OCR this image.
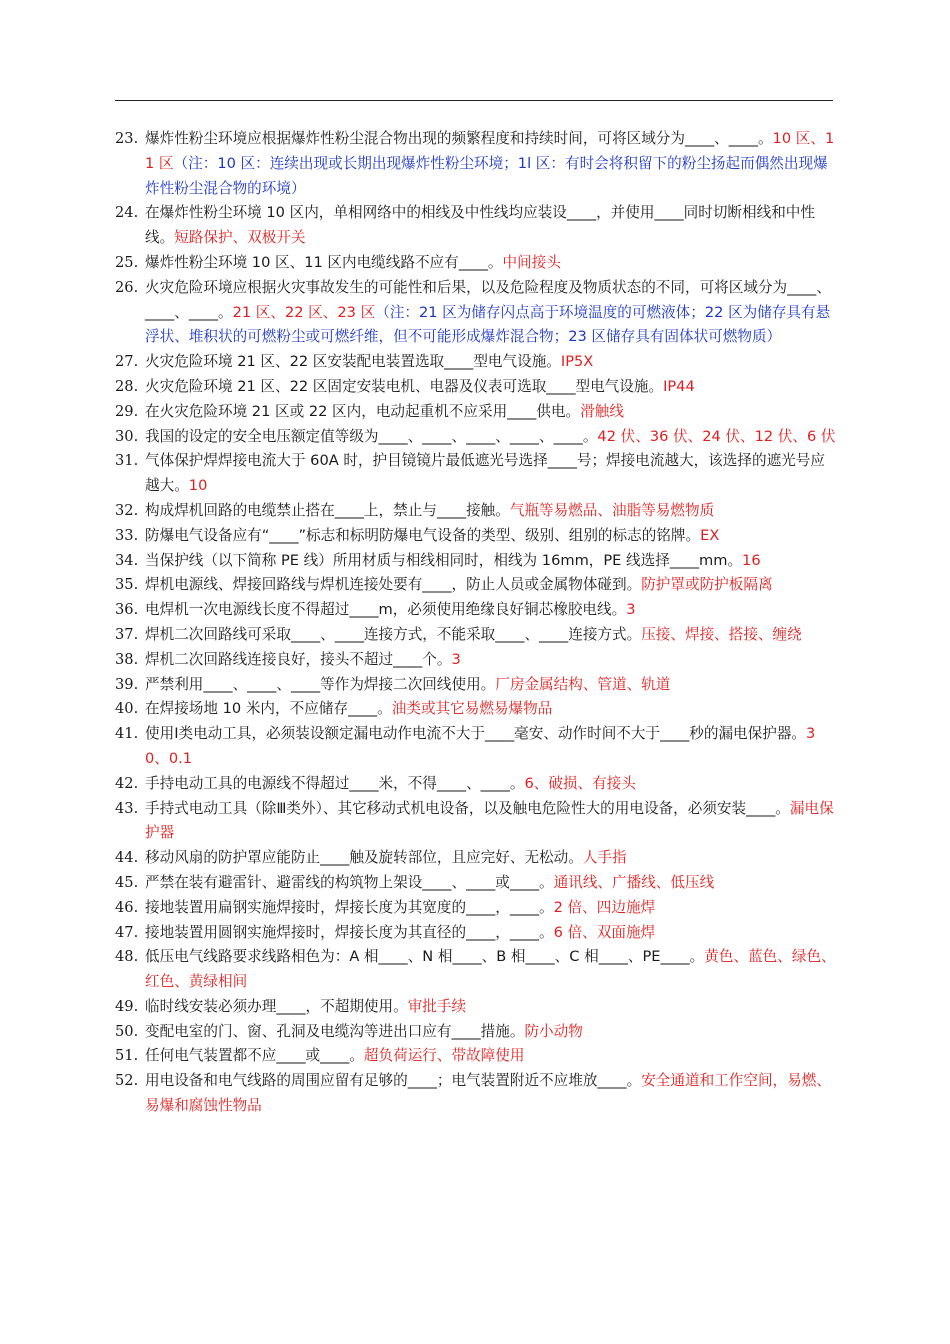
23. 爆炸性粉尘环境应根据爆炸性粉尘混合物出现的频繁程度和持续时间，可将区域分为____、____。10 区、11 区（注：10 区：连续出现或长期出现爆炸性粉尘环境；1l 区：有时会将积留下的粉尘扬起而偶然出现爆炸性粉尘混合物的环境）
24. 在爆炸性粉尘环境 10 区内，单相网络中的相线及中性线均应装设____，并使用____同时切断相线和中性线。短路保护、双极开关
25. 爆炸性粉尘环境 10 区、11 区内电缆线路不应有____。中间接头
26. 火灾危险环境应根据火灾事故发生的可能性和后果，以及危险程度及物质状态的不同，可将区域分为____、____、____。21 区、22 区、23 区（注：21 区为储存闪点高于环境温度的可燃液体；22 区为储存具有悬浮状、堆积状的可燃粉尘或可燃纤维，但不可能形成爆炸混合物；23 区储存具有固体状可燃物质）
27. 火灾危险环境 21 区、22 区安装配电装置选取____型电气设施。IP5X
28. 火灾危险环境 21 区、22 区固定安装电机、电器及仪表可选取____型电气设施。IP44
29. 在火灾危险环境 21 区或 22 区内，电动起重机不应采用____供电。滑触线
30. 我国的设定的安全电压额定值等级为____、____、____、____、____。42 伏、36 伏、24 伏、12 伏、6 伏
31. 气体保护焊焊接电流大于 60A 时，护目镜镜片最低遮光号选择____号；焊接电流越大，该选择的遮光号应越大。10
32. 构成焊机回路的电缆禁止搭在____上，禁止与____接触。气瓶等易燃品、油脂等易燃物质
33. 防爆电气设备应有“____”标志和标明防爆电气设备的类型、级别、组别的标志的铭牌。EX
34. 当保护线（以下简称 PE 线）所用材质与相线相同时，相线为 16mm，PE 线选择____mm。16
35. 焊机电源线、焊接回路线与焊机连接处要有____，防止人员或金属物体碰到。防护罩或防护板隔离
36. 电焊机一次电源线长度不得超过____m，必须使用绝缘良好铜芯橡胶电线。3
37. 焊机二次回路线可采取____、____连接方式，不能采取____、____连接方式。压接、焊接、搭接、缠绕
38. 焊机二次回路线连接良好，接头不超过____个。3
39. 严禁利用____、____、____等作为焊接二次回线使用。厂房金属结构、管道、轨道
40. 在焊接场地 10 米内，不应储存____。油类或其它易燃易爆物品
41. 使用Ⅰ类电动工具，必须装设额定漏电动作电流不大于____毫安、动作时间不大于____秒的漏电保护器。30、0.1
42. 手持电动工具的电源线不得超过____米，不得____、____。6、破损、有接头
43. 手持式电动工具（除Ⅲ类外）、其它移动式机电设备，以及触电危险性大的用电设备，必须安装____。漏电保护器
44. 移动风扇的防护罩应能防止____触及旋转部位，且应完好、无松动。人手指
45. 严禁在装有避雷针、避雷线的构筑物上架设____、____或____。通讯线、广播线、低压线
46. 接地装置用扁钢实施焊接时，焊接长度为其宽度的____，____。2 倍、四边施焊
47. 接地装置用圆钢实施焊接时，焊接长度为其直径的____，____。6 倍、双面施焊
48. 低压电气线路要求线路相色为：A 相____、N 相____、B 相____、C 相____、PE____。黄色、蓝色、绿色、红色、黄绿相间
49. 临时线安装必须办理____，不超期使用。审批手续
50. 变配电室的门、窗、孔洞及电缆沟等进出口应有____措施。防小动物
51. 任何电气装置都不应____或____。超负荷运行、带故障使用
52. 用电设备和电气线路的周围应留有足够的____；电气装置附近不应堆放____。安全通道和工作空间，易燃、易爆和腐蚀性物品
